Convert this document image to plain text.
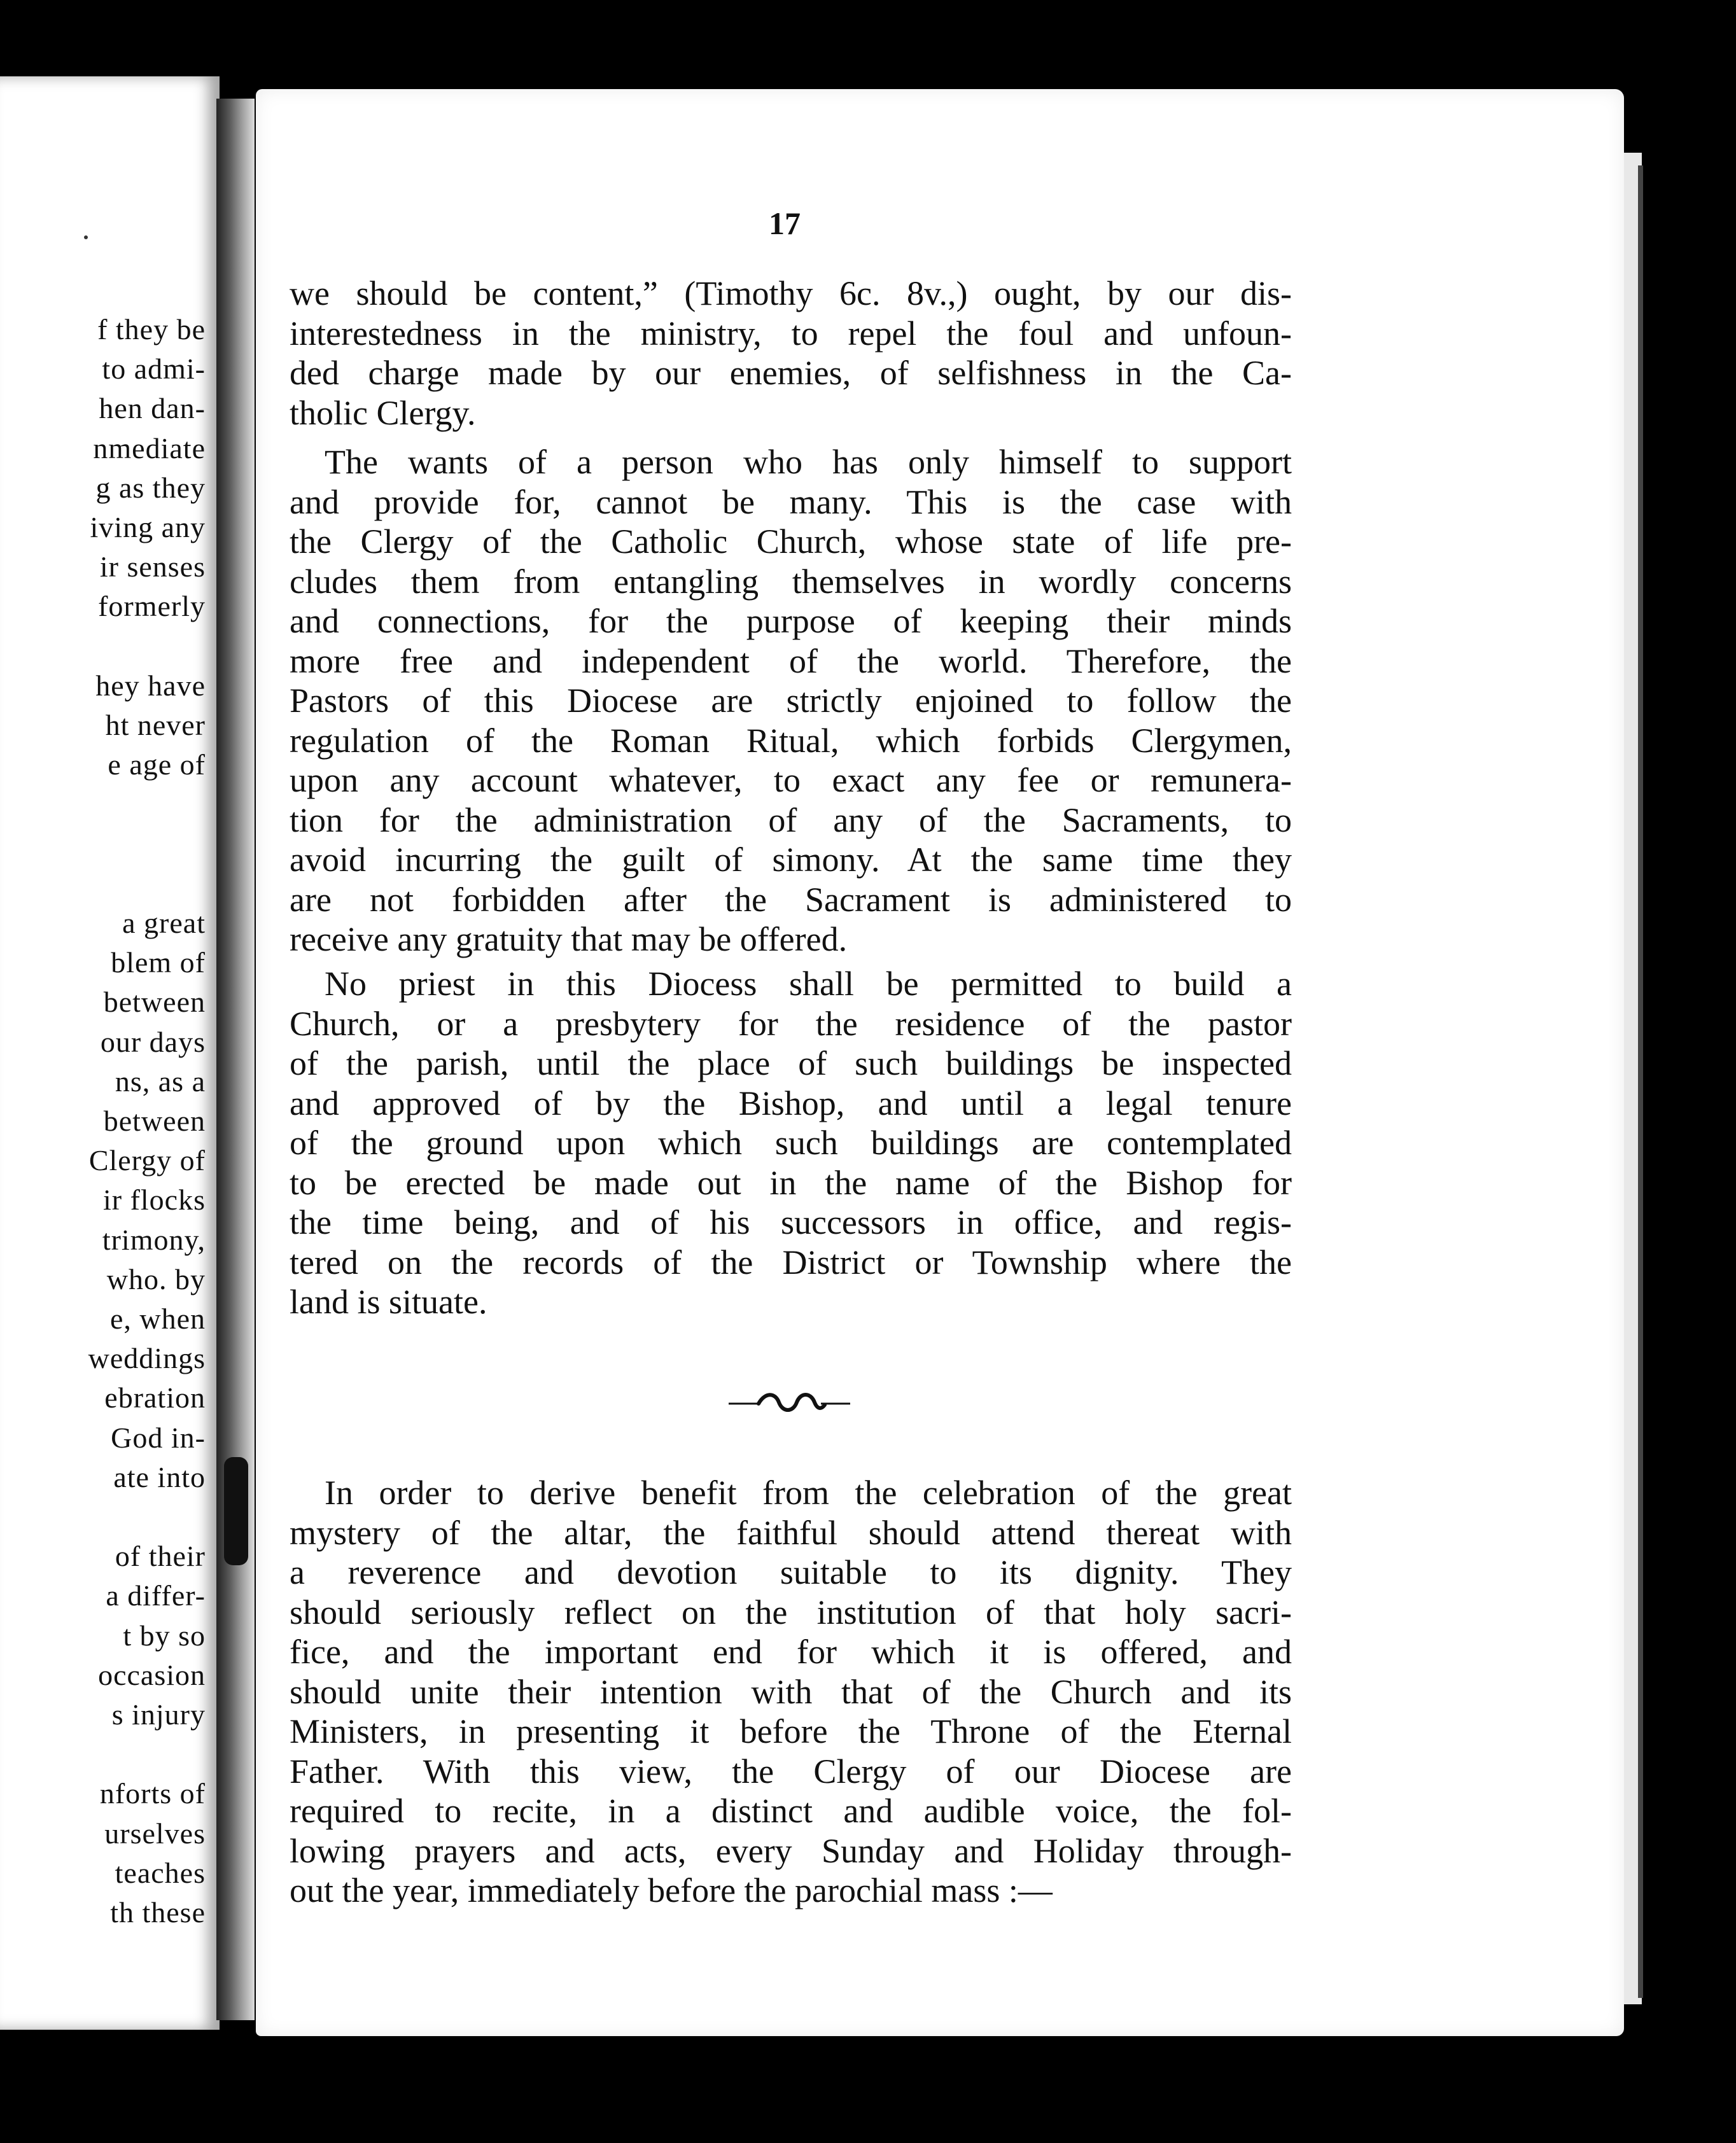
f they be

to admi-

hen dan-

nmediate

g as they

iving any

ir senses

formerly

hey have

ht never

e age of

a great

blem of

between

our days

ns, as a

between

Clergy of

ir flocks

trimony,

who. by

e, when

weddings

ebration

God in-

ate into

of their

a differ-

t by so

occasion

s injury

nforts of

urselves

teaches

th these

17

we should be content,” (Timothy 6c. 8v.,) ought, by our dis-
interestedness in the ministry, to repel the foul and unfoun-
ded charge made by our enemies, of selfishness in the Ca-
tholic Clergy.
The wants of a person who has only himself to support
and provide for, cannot be many. This is the case with
the Clergy of the Catholic Church, whose state of life pre-
cludes them from entangling themselves in wordly concerns
and connections, for the purpose of keeping their minds
more free and independent of the world. Therefore, the
Pastors of this Diocese are strictly enjoined to follow the
regulation of the Roman Ritual, which forbids Clergymen,
upon any account whatever, to exact any fee or remunera-
tion for the administration of any of the Sacraments, to
avoid incurring the guilt of simony. At the same time they
are not forbidden after the Sacrament is administered to
receive any gratuity that may be offered.
No priest in this Diocess shall be permitted to build a
Church, or a presbytery for the residence of the pastor
of the parish, until the place of such buildings be inspected
and approved of by the Bishop, and until a legal tenure
of the ground upon which such buildings are contemplated
to be erected be made out in the name of the Bishop for
the time being, and of his successors in office, and regis-
tered on the records of the District or Township where the
land is situate.
In order to derive benefit from the celebration of the great
mystery of the altar, the faithful should attend thereat with
a reverence and devotion suitable to its dignity. They
should seriously reflect on the institution of that holy sacri-
fice, and the important end for which it is offered, and
should unite their intention with that of the Church and its
Ministers, in presenting it before the Throne of the Eternal
Father. With this view, the Clergy of our Diocese are
required to recite, in a distinct and audible voice, the fol-
lowing prayers and acts, every Sunday and Holiday through-
out the year, immediately before the parochial mass :—
